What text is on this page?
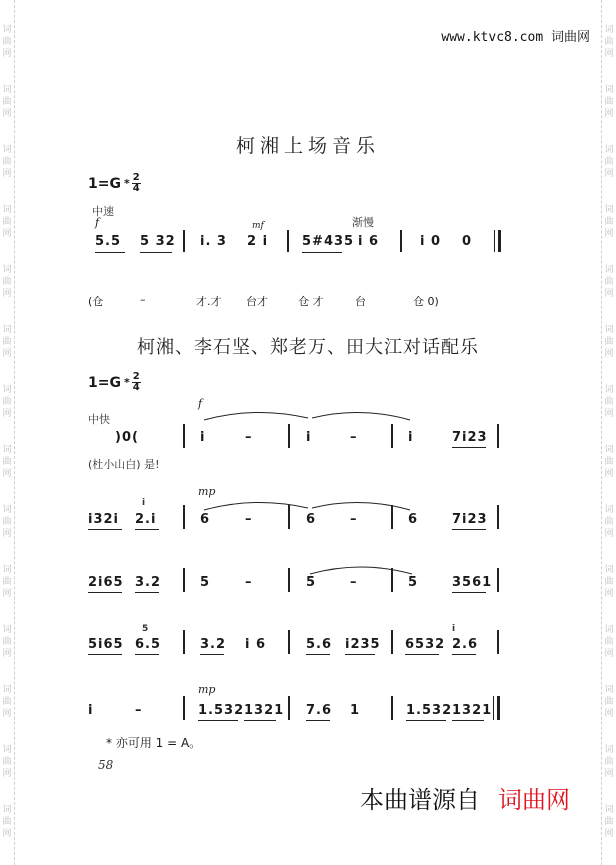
词
曲
网
词
曲
网
词
曲
网
词
曲
网
词
曲
网
词
曲
网
词
曲
网
词
曲
网
词
曲
网
词
曲
网
词
曲
网
词
曲
网
词
曲
网
词
曲
网
词
曲
网
词
曲
网
词
曲
网
词
曲
网
词
曲
网
词
曲
网
词
曲
网
词
曲
网
词
曲
网
词
曲
网
词
曲
网
词
曲
网
词
曲
网
词
曲
网
www.ktvc8.com 词曲网
柯湘上场音乐
$1=G * \frac{2}{4}$
中速
f	mf	渐慢
5.5 5 32 i. 3 2 i	5#435 i 6	i 0 0
(仓	–	才.才 台才	仓 才	台	仓 0)
柯湘、李石坚、郑老万、田大江对话配乐
$1=G * \frac{2}{4}$
中快
f
)0(	i	–	i	–	i	7i23
(杜小山白) 是!
mp
i
i32i 2.i	6	–	6	–	6	7i23
2i65 3.2	5	–	5	–	5	3561
5	i
5i65 6.5	3.2 i 6	5.6 i235 6532 2.6
mp
i	–	1.532 1321 7.6 1	1.532 1321
* 亦可用 1 = A。
58
本曲谱源自 词曲网
